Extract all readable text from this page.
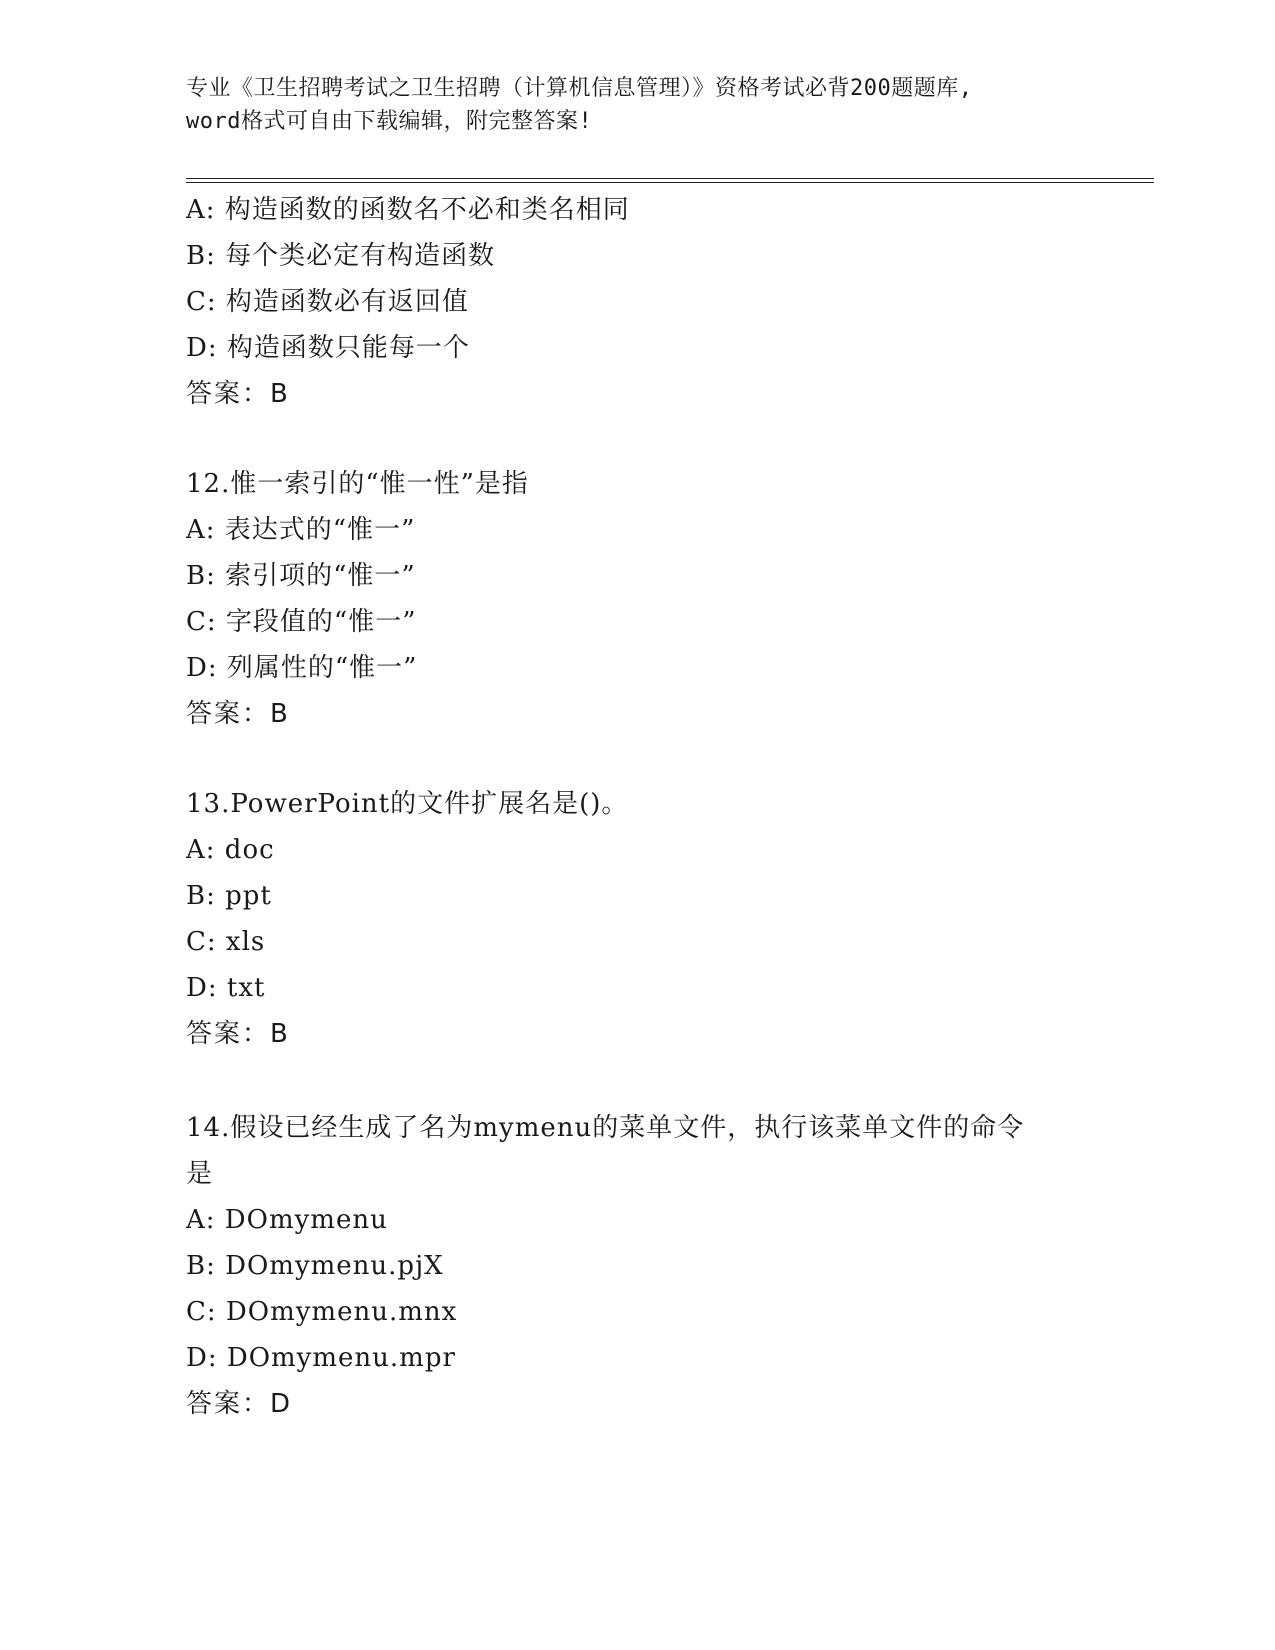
专业《卫生招聘考试之卫生招聘（计算机信息管理）》资格考试必背200题题库,
word格式可自由下载编辑，附完整答案!
A: 构造函数的函数名不必和类名相同
B: 每个类必定有构造函数
C: 构造函数必有返回值
D: 构造函数只能每一个
答案：B
12.惟一索引的“惟一性”是指
A: 表达式的“惟一”
B: 索引项的“惟一”
C: 字段值的“惟一”
D: 列属性的“惟一”
答案：B
13.PowerPoint的文件扩展名是()。
A: doc
B: ppt
C: xls
D: txt
答案：B
14.假设已经生成了名为mymenu的菜单文件，执行该菜单文件的命令
是
A: DOmymenu
B: DOmymenu.pjX
C: DOmymenu.mnx
D: DOmymenu.mpr
答案：D
